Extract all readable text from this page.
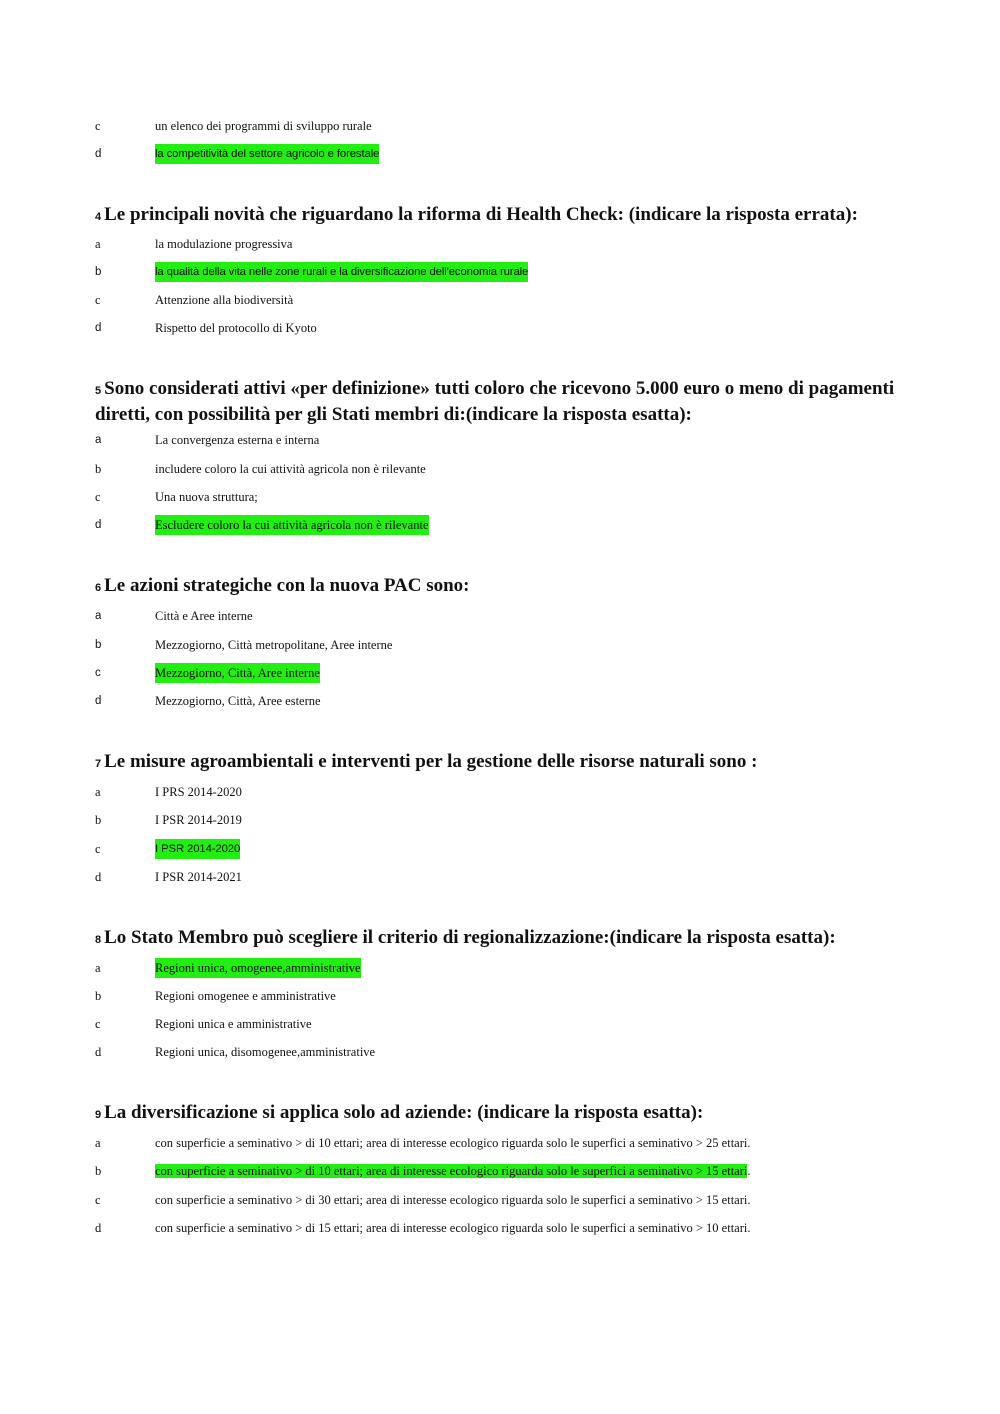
c	un elenco dei programmi di sviluppo rurale
d	la competitività del settore agricolo e forestale
4 Le principali novità che riguardano la riforma di Health Check: (indicare la risposta errata):
a	la modulazione progressiva
b	la qualità della vita nelle zone rurali e la diversificazione dell'economia rurale
c	Attenzione alla biodiversità
d	Rispetto del protocollo di Kyoto
5 Sono considerati attivi «per definizione» tutti coloro che ricevono 5.000 euro o meno di pagamenti diretti, con possibilità per gli Stati membri di:(indicare la risposta esatta):
a	La convergenza esterna e interna
b	includere coloro la cui attività agricola non è rilevante
c	Una nuova struttura;
d	Escludere coloro la cui attività agricola non è rilevante
6 Le azioni strategiche con la nuova PAC sono:
a	Città e Aree interne
b	Mezzogiorno, Città metropolitane, Aree interne
c	Mezzogiorno, Città, Aree interne
d	Mezzogiorno, Città, Aree esterne
7 Le misure agroambientali e interventi per la gestione delle risorse naturali sono :
a	I PRS 2014-2020
b	I PSR 2014-2019
c	I PSR 2014-2020
d	I PSR 2014-2021
8 Lo Stato Membro può scegliere il criterio di regionalizzazione:(indicare la risposta esatta):
a	Regioni unica, omogenee,amministrative
b	Regioni omogenee e amministrative
c	Regioni unica e amministrative
d	Regioni unica, disomogenee,amministrative
9 La diversificazione si applica solo ad aziende: (indicare la risposta esatta):
a	con superficie a seminativo > di 10 ettari; area di interesse ecologico riguarda solo le superfici a seminativo > 25 ettari.
b	con superficie a seminativo > di 10 ettari; area di interesse ecologico riguarda solo le superfici a seminativo > 15 ettari.
c	con superficie a seminativo > di 30 ettari; area di interesse ecologico riguarda solo le superfici a seminativo > 15 ettari.
d	con superficie a seminativo > di 15 ettari; area di interesse ecologico riguarda solo le superfici a seminativo > 10 ettari.
